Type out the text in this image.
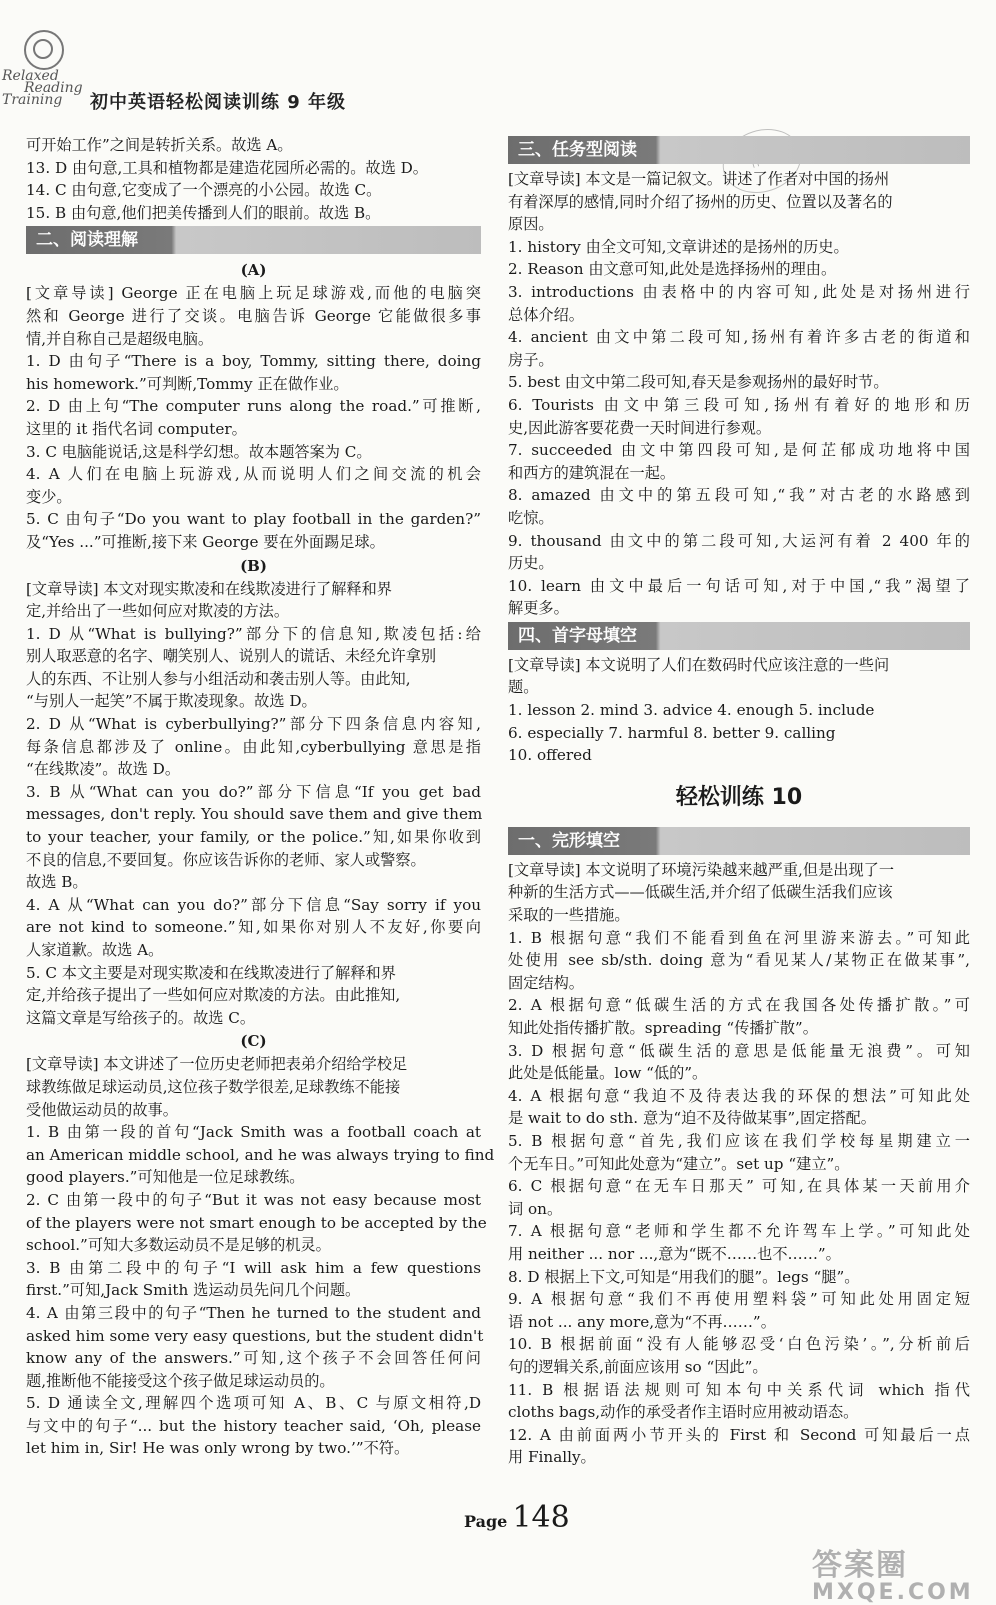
Relaxed
Reading
Training 初中英语轻松阅读训练 9 年级
可开始工作”之间是转折关系。故选 A。
13. D 由句意,工具和植物都是建造花园所必需的。故选 D。
14. C 由句意,它变成了一个漂亮的小公园。故选 C。
15. B 由句意,他们把美传播到人们的眼前。故选 B。
二、阅读理解
(A)
[文章导读] George 正在电脑上玩足球游戏,而他的电脑突
然和 George 进行了交谈。电脑告诉 George 它能做很多事
情,并自称自己是超级电脑。
1. D 由句子“There is a boy, Tommy, sitting there, doing
his homework.”可判断,Tommy 正在做作业。
2. D 由上句“The computer runs along the road.”可推断,
这里的 it 指代名词 computer。
3. C 电脑能说话,这是科学幻想。故本题答案为 C。
4. A 人们在电脑上玩游戏,从而说明人们之间交流的机会
变少。
5. C 由句子“Do you want to play football in the garden?”
及“Yes ...”可推断,接下来 George 要在外面踢足球。
(B)
[文章导读] 本文对现实欺凌和在线欺凌进行了解释和界
定,并给出了一些如何应对欺凌的方法。
1. D 从“What is bullying?”部分下的信息知,欺凌包括:给
别人取恶意的名字、嘲笑别人、说别人的谎话、未经允许拿别
人的东西、不让别人参与小组活动和袭击别人等。由此知,
“与别人一起笑”不属于欺凌现象。故选 D。
2. D 从“What is cyberbullying?”部分下四条信息内容知,
每条信息都涉及了 online。由此知,cyberbullying 意思是指
“在线欺凌”。故选 D。
3. B 从“What can you do?”部分下信息“If you get bad
messages, don't reply. You should save them and give them
to your teacher, your family, or the police.”知,如果你收到
不良的信息,不要回复。你应该告诉你的老师、家人或警察。
故选 B。
4. A 从“What can you do?”部分下信息“Say sorry if you
are not kind to someone.”知,如果你对别人不友好,你要向
人家道歉。故选 A。
5. C 本文主要是对现实欺凌和在线欺凌进行了解释和界
定,并给孩子提出了一些如何应对欺凌的方法。由此推知,
这篇文章是写给孩子的。故选 C。
(C)
[文章导读] 本文讲述了一位历史老师把表弟介绍给学校足
球教练做足球运动员,这位孩子数学很差,足球教练不能接
受他做运动员的故事。
1. B 由第一段的首句“Jack Smith was a football coach at
an American middle school, and he was always trying to find
good players.”可知他是一位足球教练。
2. C 由第一段中的句子“But it was not easy because most
of the players were not smart enough to be accepted by the
school.”可知大多数运动员不是足够的机灵。
3. B 由第二段中的句子“I will ask him a few questions
first.”可知,Jack Smith 选运动员先问几个问题。
4. A 由第三段中的句子“Then he turned to the student and
asked him some very easy questions, but the student didn't
know any of the answers.”可知,这个孩子不会回答任何问
题,推断他不能接受这个孩子做足球运动员的。
5. D 通读全文,理解四个选项可知 A、B、C 与原文相符,D
与文中的句子“... but the history teacher said, ‘Oh, please
let him in, Sir! He was only wrong by two.’”不符。
三、任务型阅读
[文章导读] 本文是一篇记叙文。讲述了作者对中国的扬州
有着深厚的感情,同时介绍了扬州的历史、位置以及著名的
原因。
1. history 由全文可知,文章讲述的是扬州的历史。
2. Reason 由文意可知,此处是选择扬州的理由。
3. introductions 由表格中的内容可知,此处是对扬州进行
总体介绍。
4. ancient 由文中第二段可知,扬州有着许多古老的街道和
房子。
5. best 由文中第二段可知,春天是参观扬州的最好时节。
6. Tourists 由文中第三段可知,扬州有着好的地形和历
史,因此游客要花费一天时间进行参观。
7. succeeded 由文中第四段可知,是何芷郁成功地将中国
和西方的建筑混在一起。
8. amazed 由文中的第五段可知,“我”对古老的水路感到
吃惊。
9. thousand 由文中的第二段可知,大运河有着 2 400 年的
历史。
10. learn 由文中最后一句话可知,对于中国,“我”渴望了
解更多。
四、首字母填空
[文章导读] 本文说明了人们在数码时代应该注意的一些问
题。
1. lesson 2. mind 3. advice 4. enough 5. include
6. especially 7. harmful 8. better 9. calling
10. offered
轻松训练 10
一、完形填空
[文章导读] 本文说明了环境污染越来越严重,但是出现了一
种新的生活方式——低碳生活,并介绍了低碳生活我们应该
采取的一些措施。
1. B 根据句意“我们不能看到鱼在河里游来游去。”可知此
处使用 see sb/sth. doing 意为“看见某人/某物正在做某事”,
固定结构。
2. A 根据句意“低碳生活的方式在我国各处传播扩散。”可
知此处指传播扩散。spreading “传播扩散”。
3. D 根据句意“低碳生活的意思是低能量无浪费”。可知
此处是低能量。low “低的”。
4. A 根据句意“我迫不及待表达我的环保的想法”可知此处
是 wait to do sth. 意为“迫不及待做某事”,固定搭配。
5. B 根据句意“首先,我们应该在我们学校每星期建立一
个无车日。”可知此处意为“建立”。set up “建立”。
6. C 根据句意“在无车日那天” 可知,在具体某一天前用介
词 on。
7. A 根据句意“老师和学生都不允许驾车上学。”可知此处
用 neither ... nor ...,意为“既不……也不……”。
8. D 根据上下文,可知是“用我们的腿”。legs “腿”。
9. A 根据句意“我们不再使用塑料袋”可知此处用固定短
语 not ... any more,意为“不再……”。
10. B 根据前面“没有人能够忍受‘白色污染’。”,分析前后
句的逻辑关系,前面应该用 so “因此”。
11. B 根据语法规则可知本句中关系代词 which 指代
cloths bags,动作的承受者作主语时应用被动语态。
12. A 由前面两小节开头的 First 和 Second 可知最后一点
用 Finally。
Page 148
答案圈
MXQE.COM
